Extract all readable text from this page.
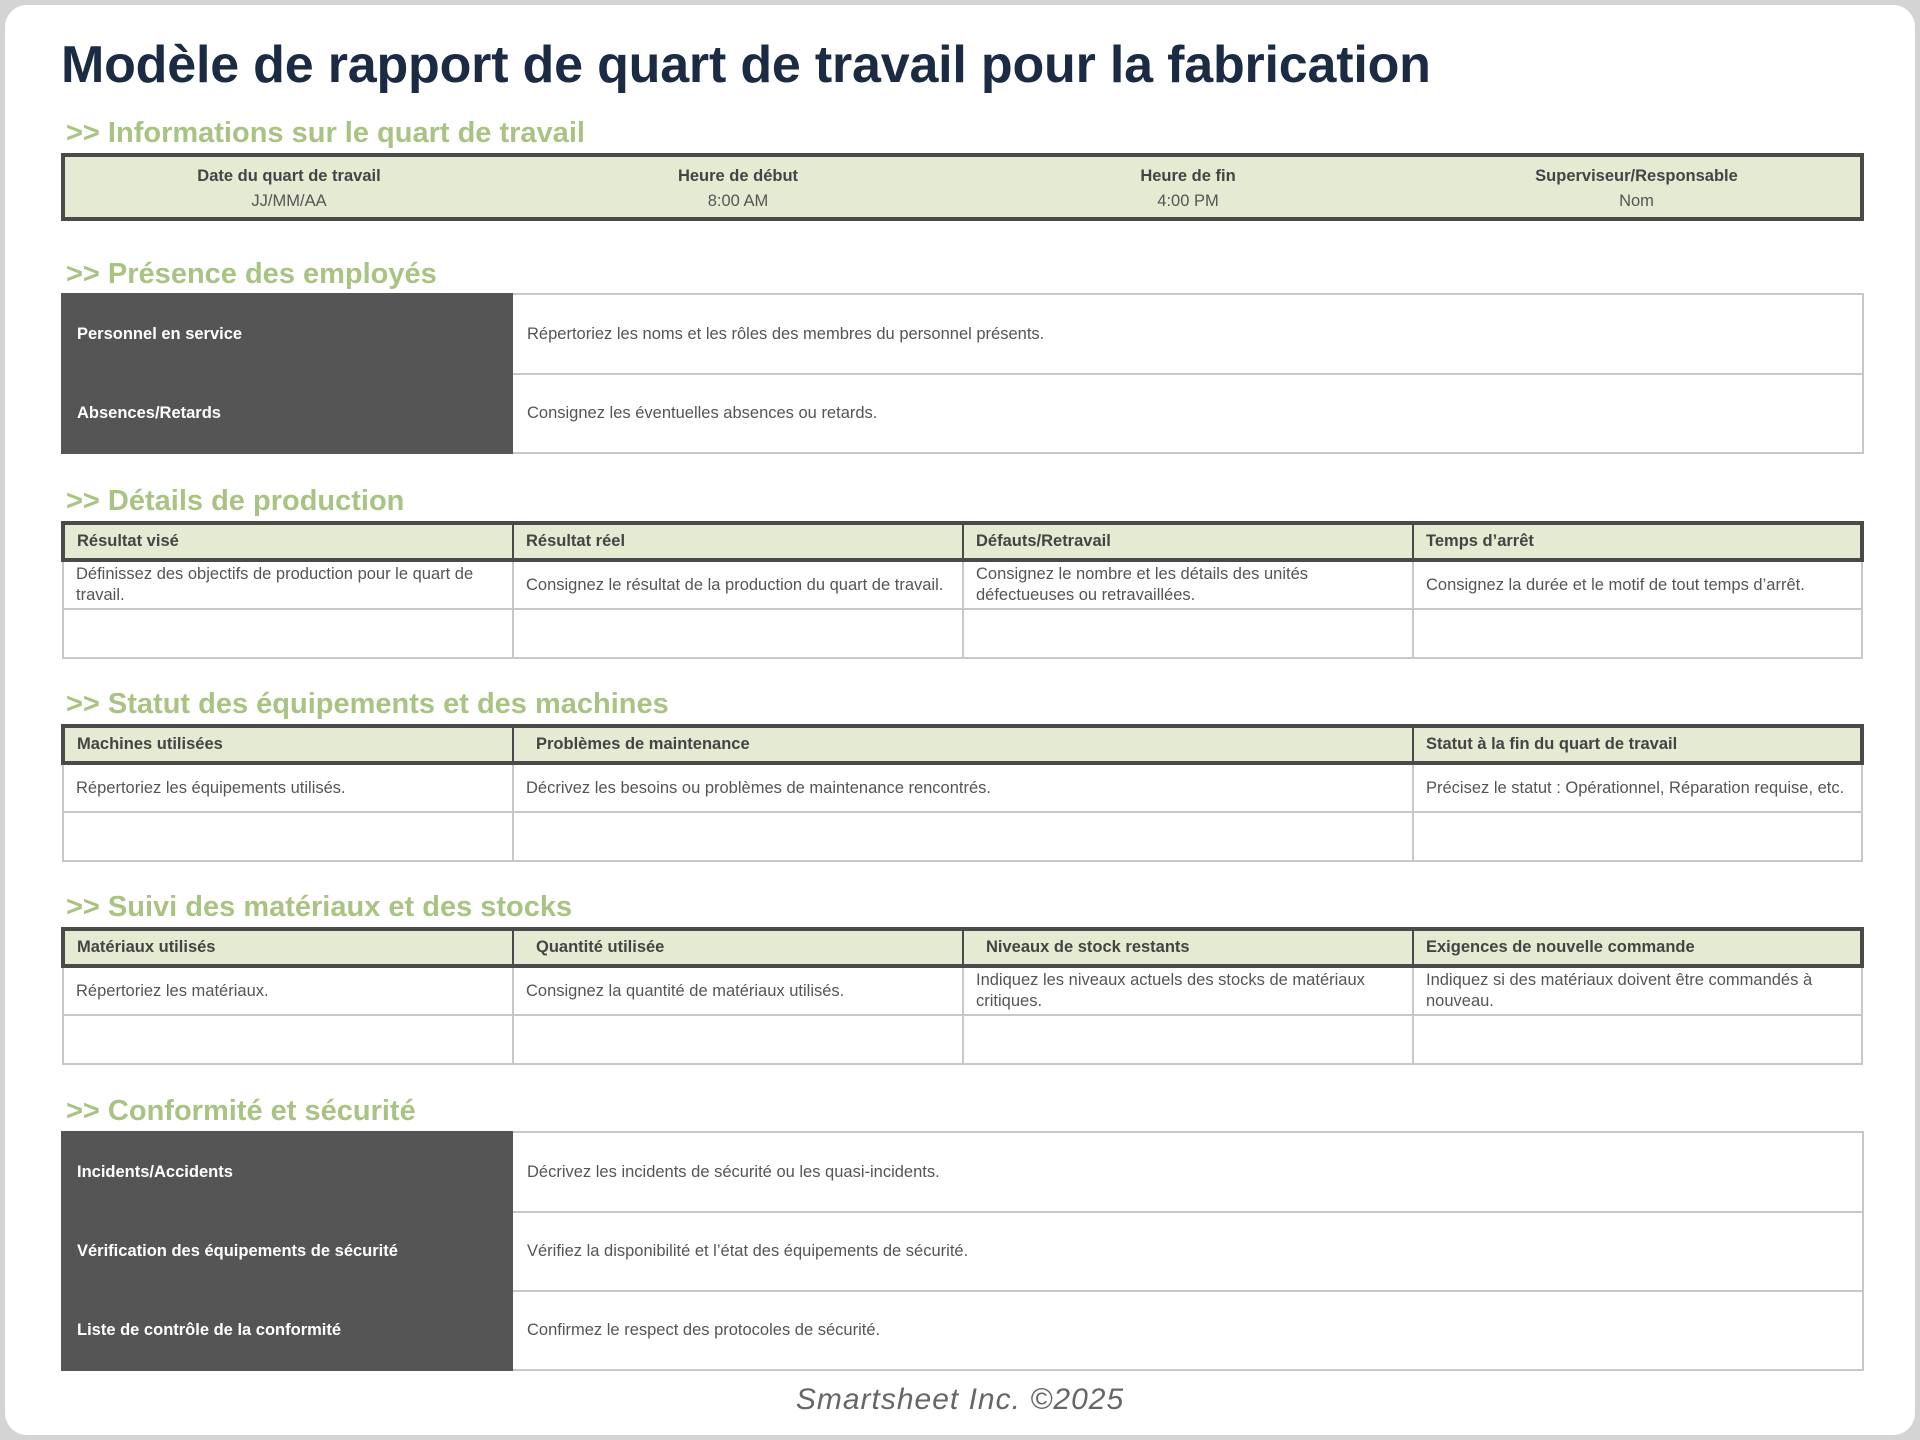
Modèle de rapport de quart de travail pour la fabrication
>> Informations sur le quart de travail
Date du quart de travail	Heure de début	Heure de fin	Superviseur/Responsable
JJ/MM/AA	8:00 AM	4:00 PM	Nom
>> Présence des employés
Personnel en service	Répertoriez les noms et les rôles des membres du personnel présents.
Absences/Retards	Consignez les éventuelles absences ou retards.
>> Détails de production
Résultat visé	Résultat réel	Défauts/Retravail	Temps d’arrêt
Définissez des objectifs de production pour le quart de travail.	Consignez le résultat de la production du quart de travail.	Consignez le nombre et les détails des unités défectueuses ou retravaillées.	Consignez la durée et le motif de tout temps d’arrêt.

>> Statut des équipements et des machines
Machines utilisées	Problèmes de maintenance	Statut à la fin du quart de travail
Répertoriez les équipements utilisés.	Décrivez les besoins ou problèmes de maintenance rencontrés.	Précisez le statut : Opérationnel, Réparation requise, etc.

>> Suivi des matériaux et des stocks
Matériaux utilisés	Quantité utilisée	Niveaux de stock restants	Exigences de nouvelle commande
Répertoriez les matériaux.	Consignez la quantité de matériaux utilisés.	Indiquez les niveaux actuels des stocks de matériaux critiques.	Indiquez si des matériaux doivent être commandés à nouveau.

>> Conformité et sécurité
Incidents/Accidents	Décrivez les incidents de sécurité ou les quasi-incidents.
Vérification des équipements de sécurité	Vérifiez la disponibilité et l’état des équipements de sécurité.
Liste de contrôle de la conformité	Confirmez le respect des protocoles de sécurité.
Smartsheet Inc. ©2025
